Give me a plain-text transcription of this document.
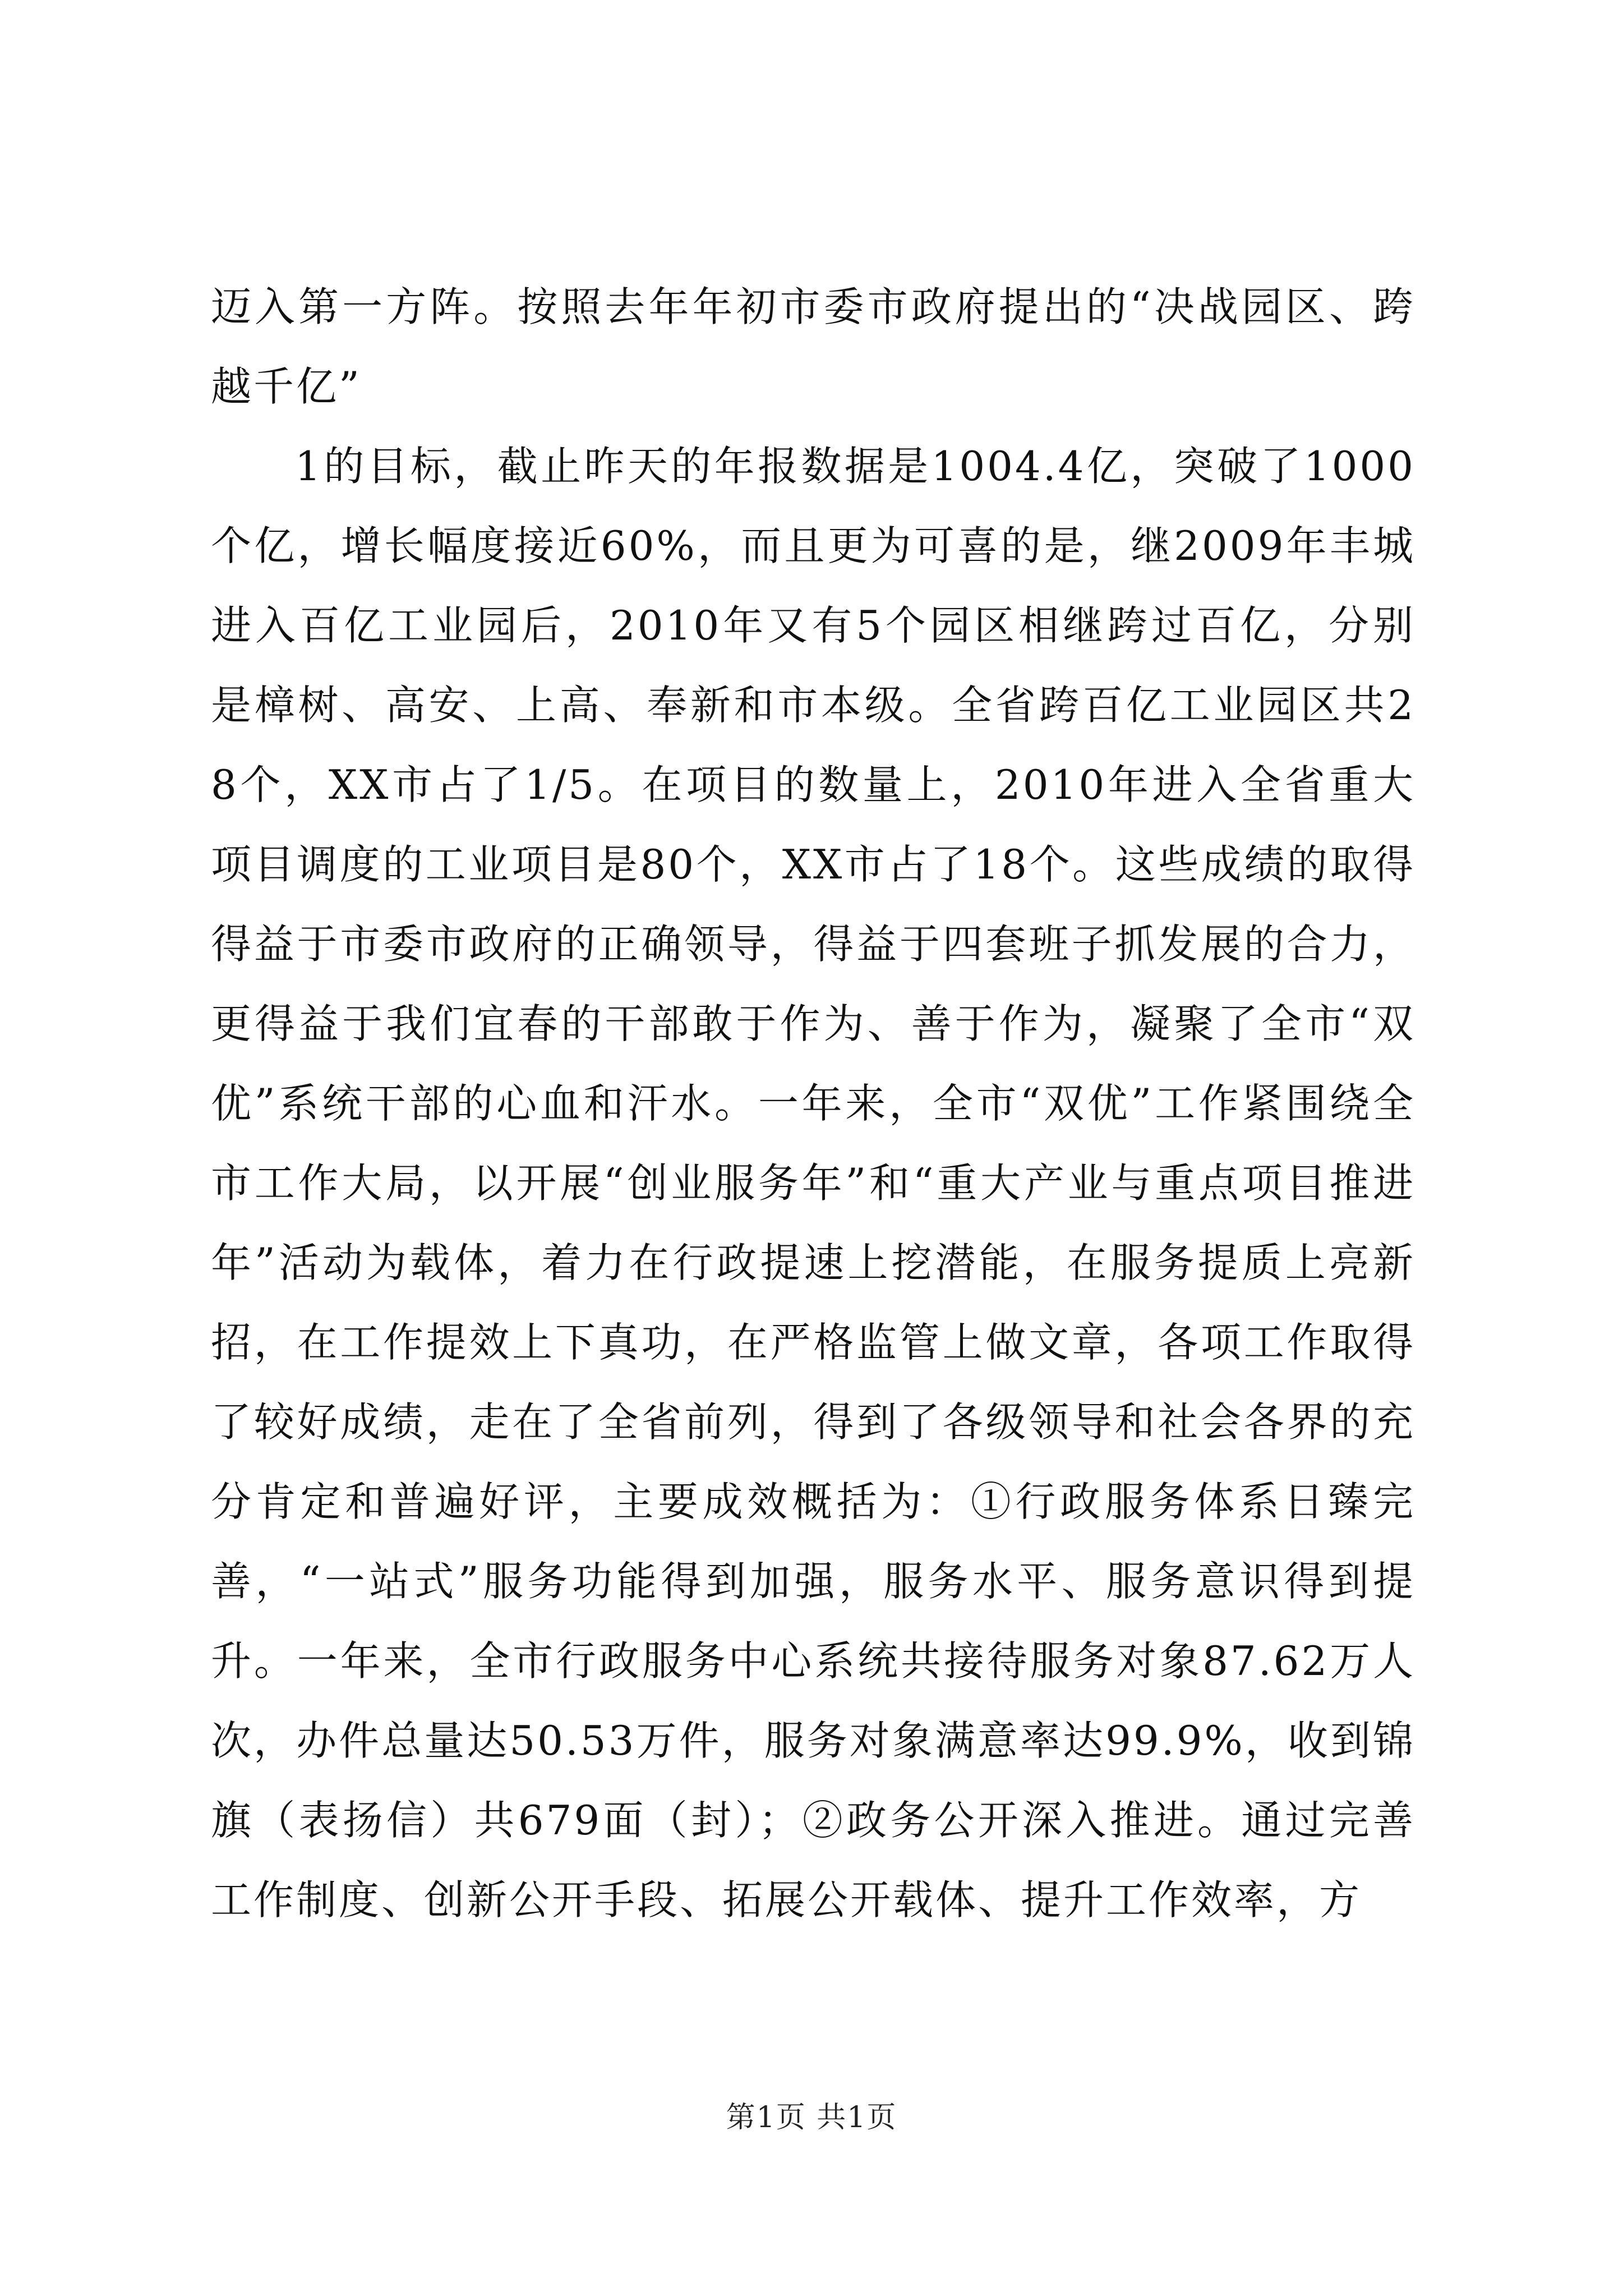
迈入第一方阵。按照去年年初市委市政府提出的“决战园区、跨越千亿”

1的目标，截止昨天的年报数据是1004.4亿，突破了1000个亿，增长幅度接近60%，而且更为可喜的是，继2009年丰城进入百亿工业园后，2010年又有5个园区相继跨过百亿，分别是樟树、高安、上高、奉新和市本级。全省跨百亿工业园区共28个，XX市占了1/5。在项目的数量上，2010年进入全省重大项目调度的工业项目是80个，XX市占了18个。这些成绩的取得得益于市委市政府的正确领导，得益于四套班子抓发展的合力，更得益于我们宜春的干部敢于作为、善于作为，凝聚了全市“双优”系统干部的心血和汗水。一年来，全市“双优”工作紧围绕全市工作大局，以开展“创业服务年”和“重大产业与重点项目推进年”活动为载体，着力在行政提速上挖潜能，在服务提质上亮新招，在工作提效上下真功，在严格监管上做文章，各项工作取得了较好成绩，走在了全省前列，得到了各级领导和社会各界的充分肯定和普遍好评，主要成效概括为：①行政服务体系日臻完善，“一站式”服务功能得到加强，服务水平、服务意识得到提升。一年来，全市行政服务中心系统共接待服务对象87.62万人次，办件总量达50.53万件，服务对象满意率达99.9%，收到锦旗（表扬信）共679面（封）；②政务公开深入推进。通过完善工作制度、创新公开手段、拓展公开载体、提升工作效率，方

第1页 共1页
